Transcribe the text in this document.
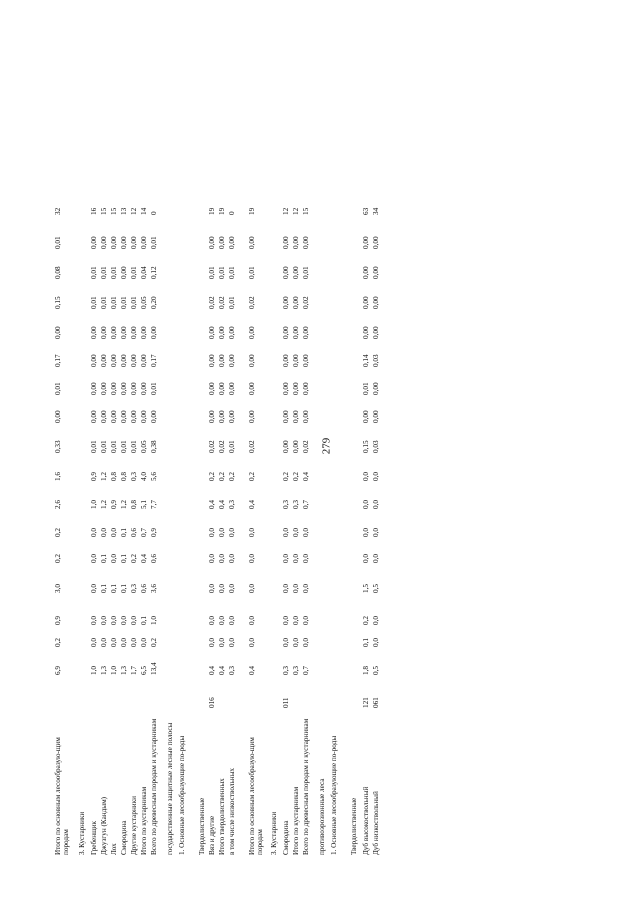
279
Итого по основным лесообразую-щим породам
6,9
0,2
0,9
3,0
0,2
0,2
2,6
1,6
0,33
0,00
0,01
0,17
0,00
0,15
0,08
0,01
32
3. Кустарники Гребенщик
1,0
0,0
0,0
0,0
0,0
0,0
1,0
0,9
0,01
0,00
0,00
0,00
0,00
0,01
0,01
0,00
16
Джузгун (Кандым)
1,3
0,0
0,0
0,1
0,1
0,0
1,2
1,2
0,01
0,00
0,00
0,00
0,00
0,01
0,01
0,00
15
Лох
1,0
0,0
0,0
0,1
0,0
0,0
0,9
0,8
0,01
0,00
0,00
0,00
0,00
0,01
0,01
0,00
15
Смородина
1,3
0,0
0,0
0,1
0,1
0,1
1,2
0,8
0,01
0,00
0,00
0,00
0,00
0,01
0,00
0,00
13
Другие кустарники
1,7
0,0
0,0
0,3
0,2
0,6
0,8
0,3
0,01
0,00
0,00
0,00
0,00
0,01
0,01
0,00
12
Итого по кустарникам
6,5
0,0
0,1
0,6
0,4
0,7
5,1
4,0
0,05
0,00
0,00
0,00
0,00
0,05
0,04
0,00
14
Всего по древесным породам и кустарникам
13,4
0,2
1,0
3,6
0,6
0,9
7,7
5,6
0,38
0,00
0,01
0,17
0,00
0,20
0,12
0,01
0
государственные защитные лесные полосы 1. Основные лесообразующие по-роды Твердолиственные Вяз и другие
016
0,4
0,0
0,0
0,0
0,0
0,0
0,4
0,2
0,02
0,00
0,00
0,00
0,00
0,02
0,01
0,00
19
Итого твердолиственных
0,4
0,0
0,0
0,0
0,0
0,0
0,4
0,2
0,02
0,00
0,00
0,00
0,00
0,02
0,01
0,00
19
в том числе низкоствольных
0,3
0,0
0,0
0,0
0,0
0,0
0,3
0,2
0,01
0,00
0,00
0,00
0,00
0,01
0,01
0,00
0
Итого по основным лесообразую-щим породам
0,4
0,0
0,0
0,0
0,0
0,0
0,4
0,2
0,02
0,00
0,00
0,00
0,00
0,02
0,01
0,00
19
3. Кустарники Смородина
011
0,3
0,0
0,0
0,0
0,0
0,0
0,3
0,2
0,00
0,00
0,00
0,00
0,00
0,00
0,00
0,00
12
Итого по кустарникам
0,3
0,0
0,0
0,0
0,0
0,0
0,3
0,2
0,00
0,00
0,00
0,00
0,00
0,00
0,00
0,00
12
Всего по древесным породам и кустарникам
0,7
0,0
0,0
0,0
0,0
0,0
0,7
0,4
0,02
0,00
0,00
0,00
0,00
0,02
0,01
0,00
15
противоэрозионные леса 1. Основные лесообразующие по-роды Твердолиственные Дуб высокоствольный
121
1,8
0,1
0,2
1,5
0,0
0,0
0,0
0,0
0,15
0,00
0,01
0,14
0,00
0,00
0,00
0,00
63
Дуб низкоствольный
061
0,5
0,0
0,0
0,5
0,0
0,0
0,0
0,0
0,03
0,00
0,00
0,03
0,00
0,00
0,00
0,00
34
